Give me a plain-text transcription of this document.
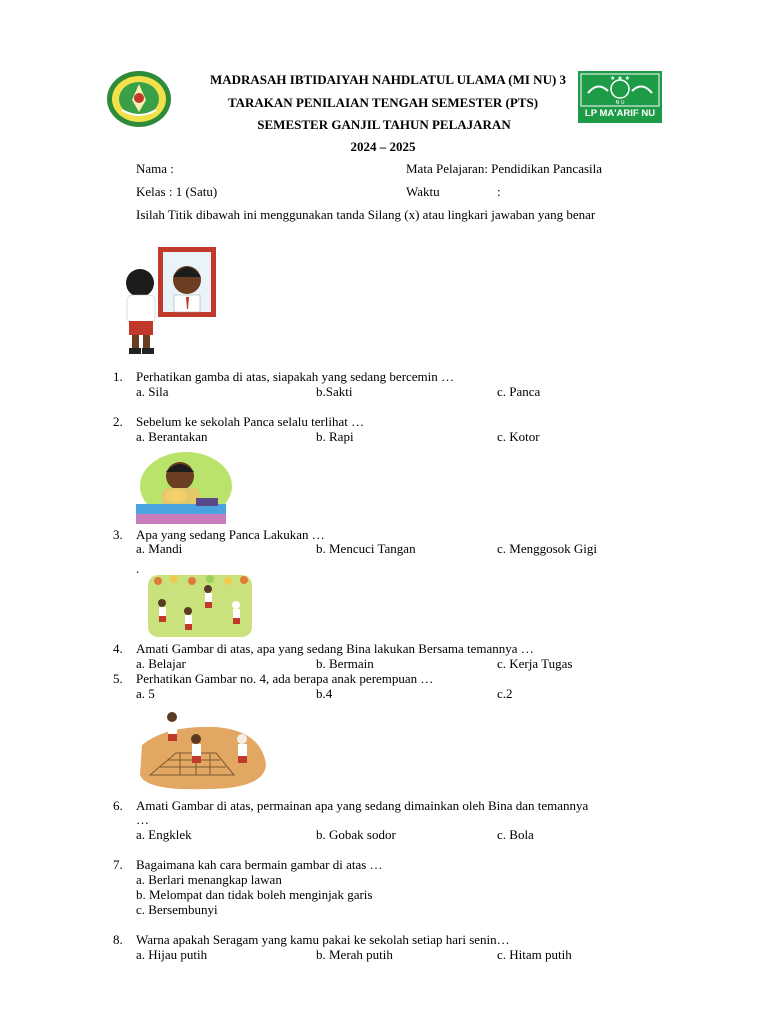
★ ★ ★
N U
LP MA'ARIF NU
MADRASAH IBTIDAIYAH NAHDLATUL ULAMA (MI NU) 3
TARAKAN PENILAIAN TENGAH SEMESTER (PTS)
SEMESTER GANJIL TAHUN PELAJARAN
2024 – 2025
Nama :	Mata Pelajaran: Pendidikan Pancasila
Kelas : 1 (Satu)	Waktu	:
Isilah Titik dibawah ini menggunakan tanda Silang (x) atau lingkari jawaban yang benar
1. Perhatikan gamba di atas, siapakah yang sedang bercemin …
a. Sila	b.Sakti	c. Panca
2. Sebelum ke sekolah Panca selalu terlihat …
a. Berantakan	b. Rapi	c. Kotor
3. Apa yang sedang Panca Lakukan …
a. Mandi	b. Mencuci Tangan	c. Menggosok Gigi
.
4. Amati Gambar di atas, apa yang sedang Bina lakukan Bersama temannya …
a. Belajar	b. Bermain	c. Kerja Tugas
5. Perhatikan Gambar no. 4, ada berapa anak perempuan …
a. 5	b.4	c.2
6. Amati Gambar di atas, permainan apa yang sedang dimainkan oleh Bina dan temannya
…
a. Engklek	b. Gobak sodor	c. Bola
7. Bagaimana kah cara bermain gambar di atas …
a. Berlari menangkap lawan
b. Melompat dan tidak boleh menginjak garis
c. Bersembunyi
8. Warna apakah Seragam yang kamu pakai ke sekolah setiap hari senin…
a. Hijau putih	b. Merah putih	c. Hitam putih
